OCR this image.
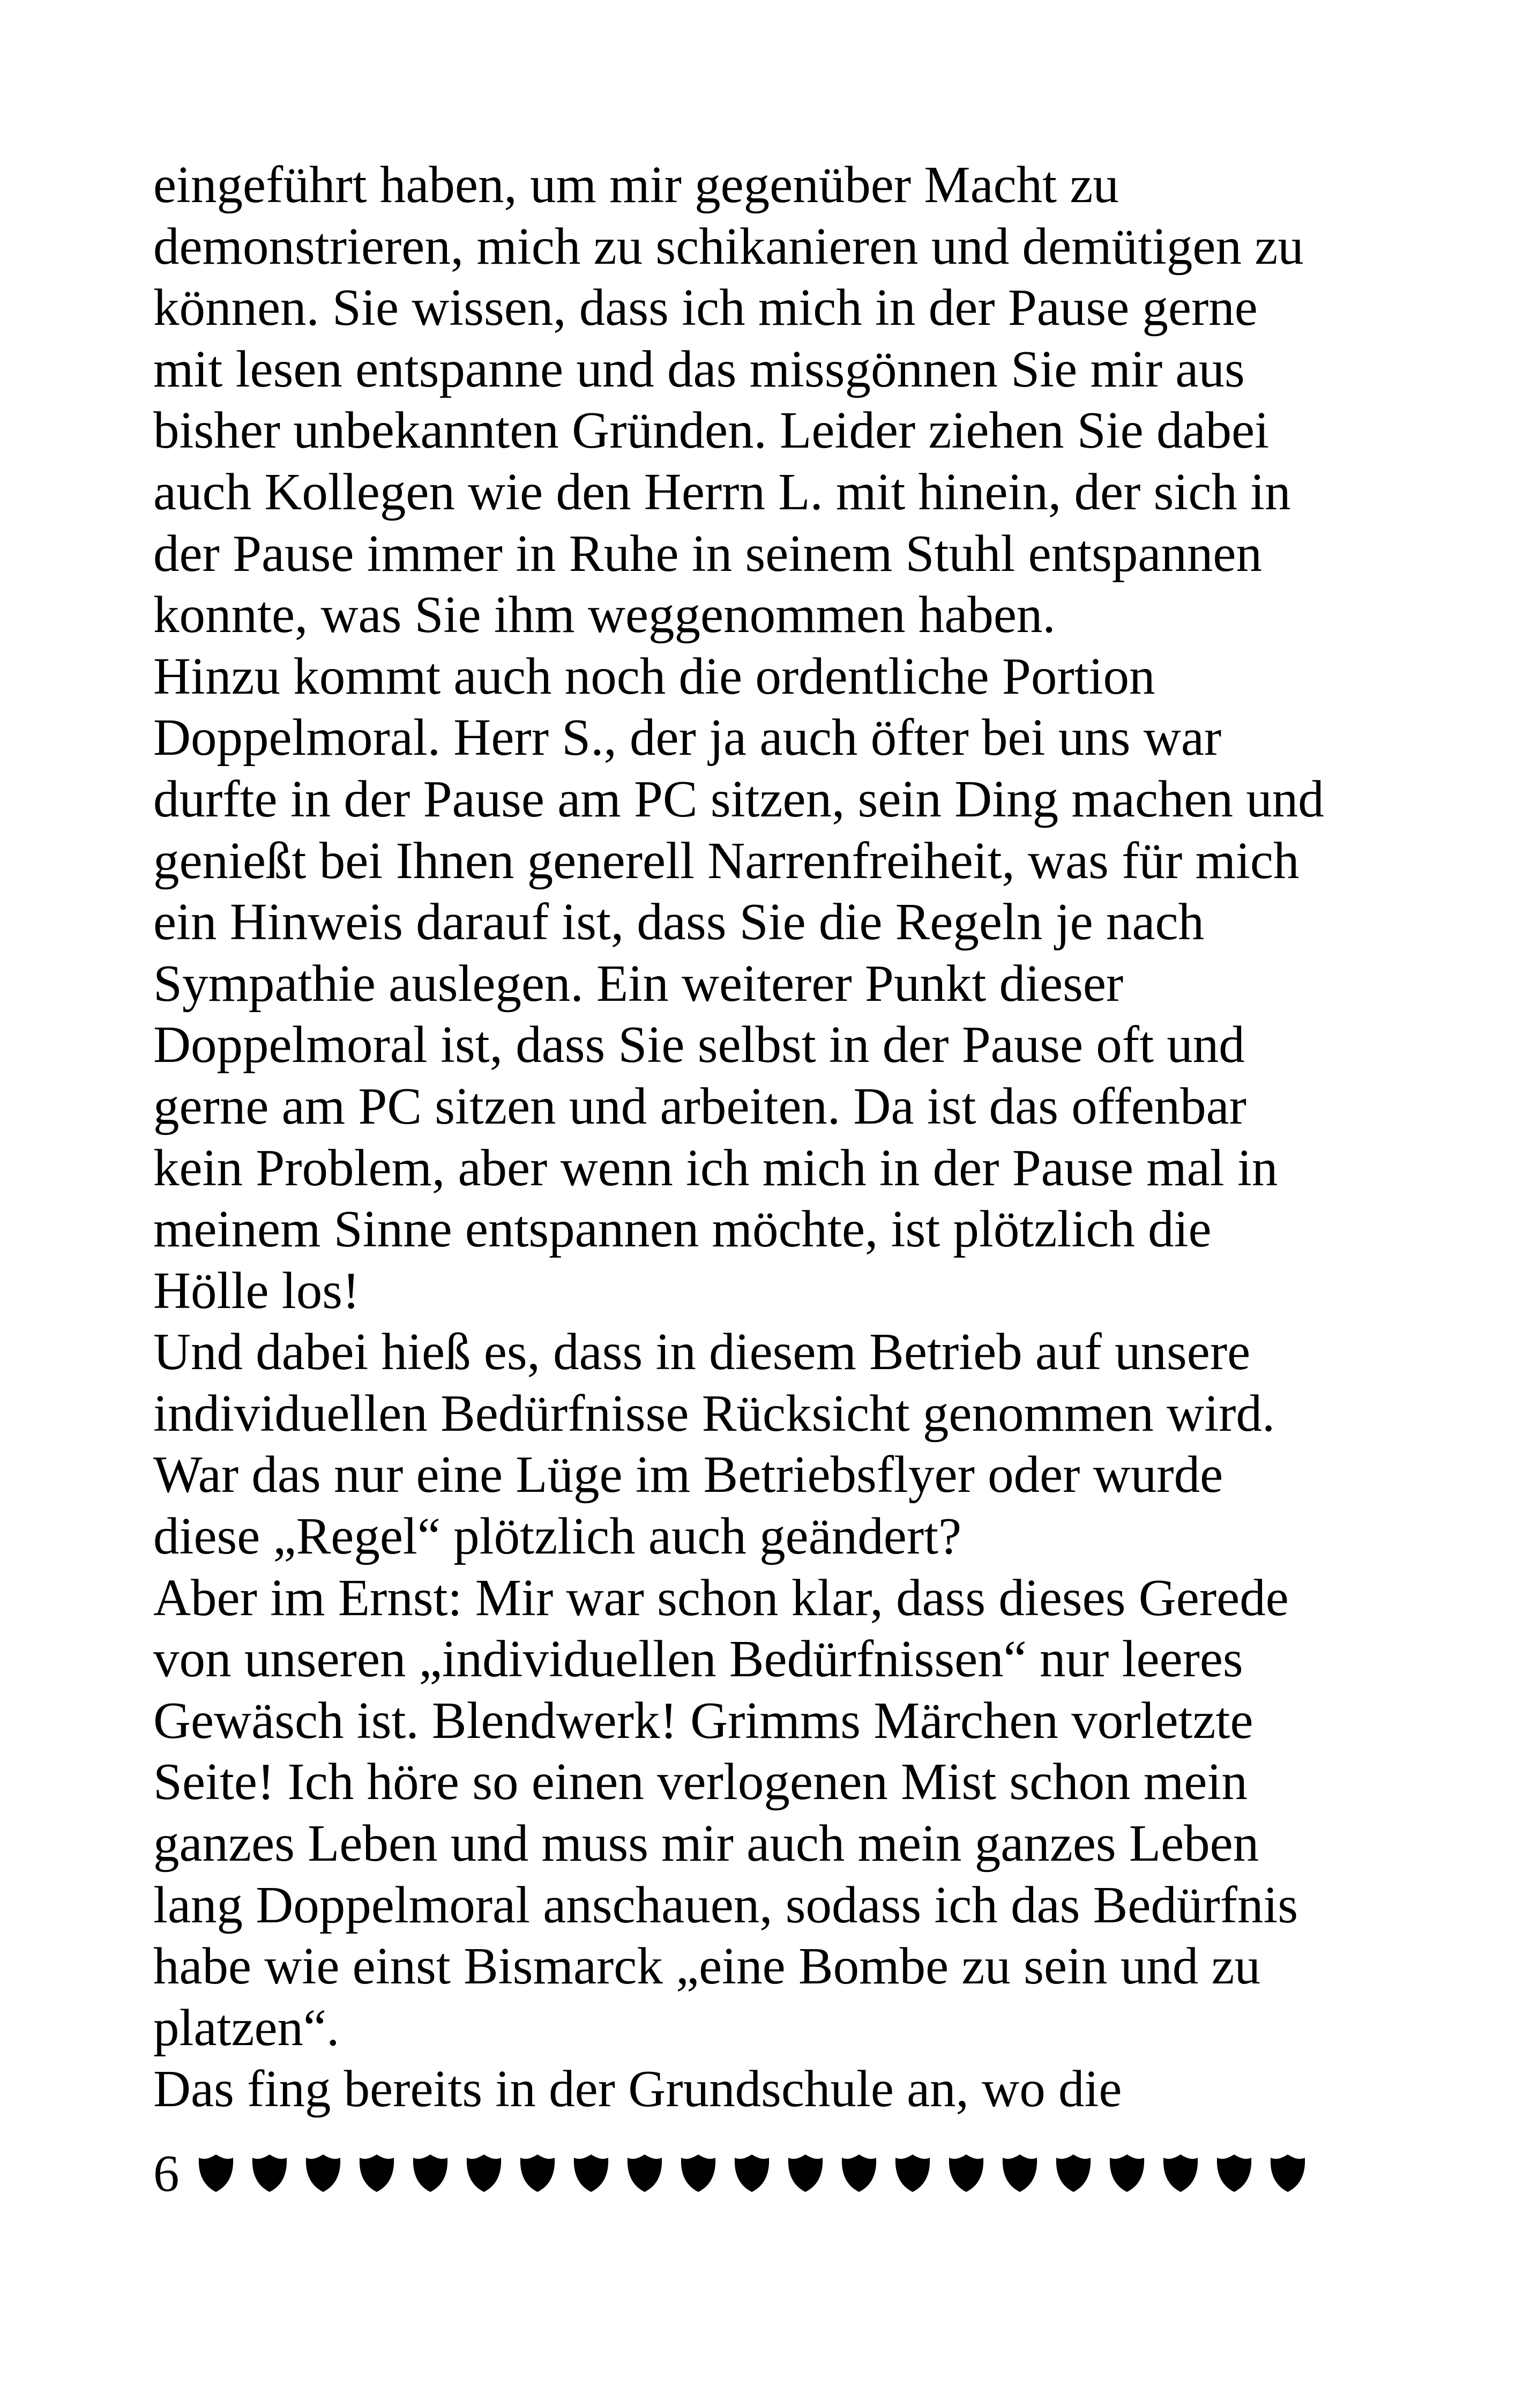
eingeführt haben, um mir gegenüber Macht zu
demonstrieren, mich zu schikanieren und demütigen zu
können. Sie wissen, dass ich mich in der Pause gerne
mit lesen entspanne und das missgönnen Sie mir aus
bisher unbekannten Gründen. Leider ziehen Sie dabei
auch Kollegen wie den Herrn L. mit hinein, der sich in
der Pause immer in Ruhe in seinem Stuhl entspannen
konnte, was Sie ihm weggenommen haben.
Hinzu kommt auch noch die ordentliche Portion
Doppelmoral. Herr S., der ja auch öfter bei uns war
durfte in der Pause am PC sitzen, sein Ding machen und
genießt bei Ihnen generell Narrenfreiheit, was für mich
ein Hinweis darauf ist, dass Sie die Regeln je nach
Sympathie auslegen. Ein weiterer Punkt dieser
Doppelmoral ist, dass Sie selbst in der Pause oft und
gerne am PC sitzen und arbeiten. Da ist das offenbar
kein Problem, aber wenn ich mich in der Pause mal in
meinem Sinne entspannen möchte, ist plötzlich die
Hölle los!
Und dabei hieß es, dass in diesem Betrieb auf unsere
individuellen Bedürfnisse Rücksicht genommen wird.
War das nur eine Lüge im Betriebsflyer oder wurde
diese „Regel“ plötzlich auch geändert?
Aber im Ernst: Mir war schon klar, dass dieses Gerede
von unseren „individuellen Bedürfnissen“ nur leeres
Gewäsch ist. Blendwerk! Grimms Märchen vorletzte
Seite! Ich höre so einen verlogenen Mist schon mein
ganzes Leben und muss mir auch mein ganzes Leben
lang Doppelmoral anschauen, sodass ich das Bedürfnis
habe wie einst Bismarck „eine Bombe zu sein und zu
platzen“.
Das fing bereits in der Grundschule an, wo die
6
